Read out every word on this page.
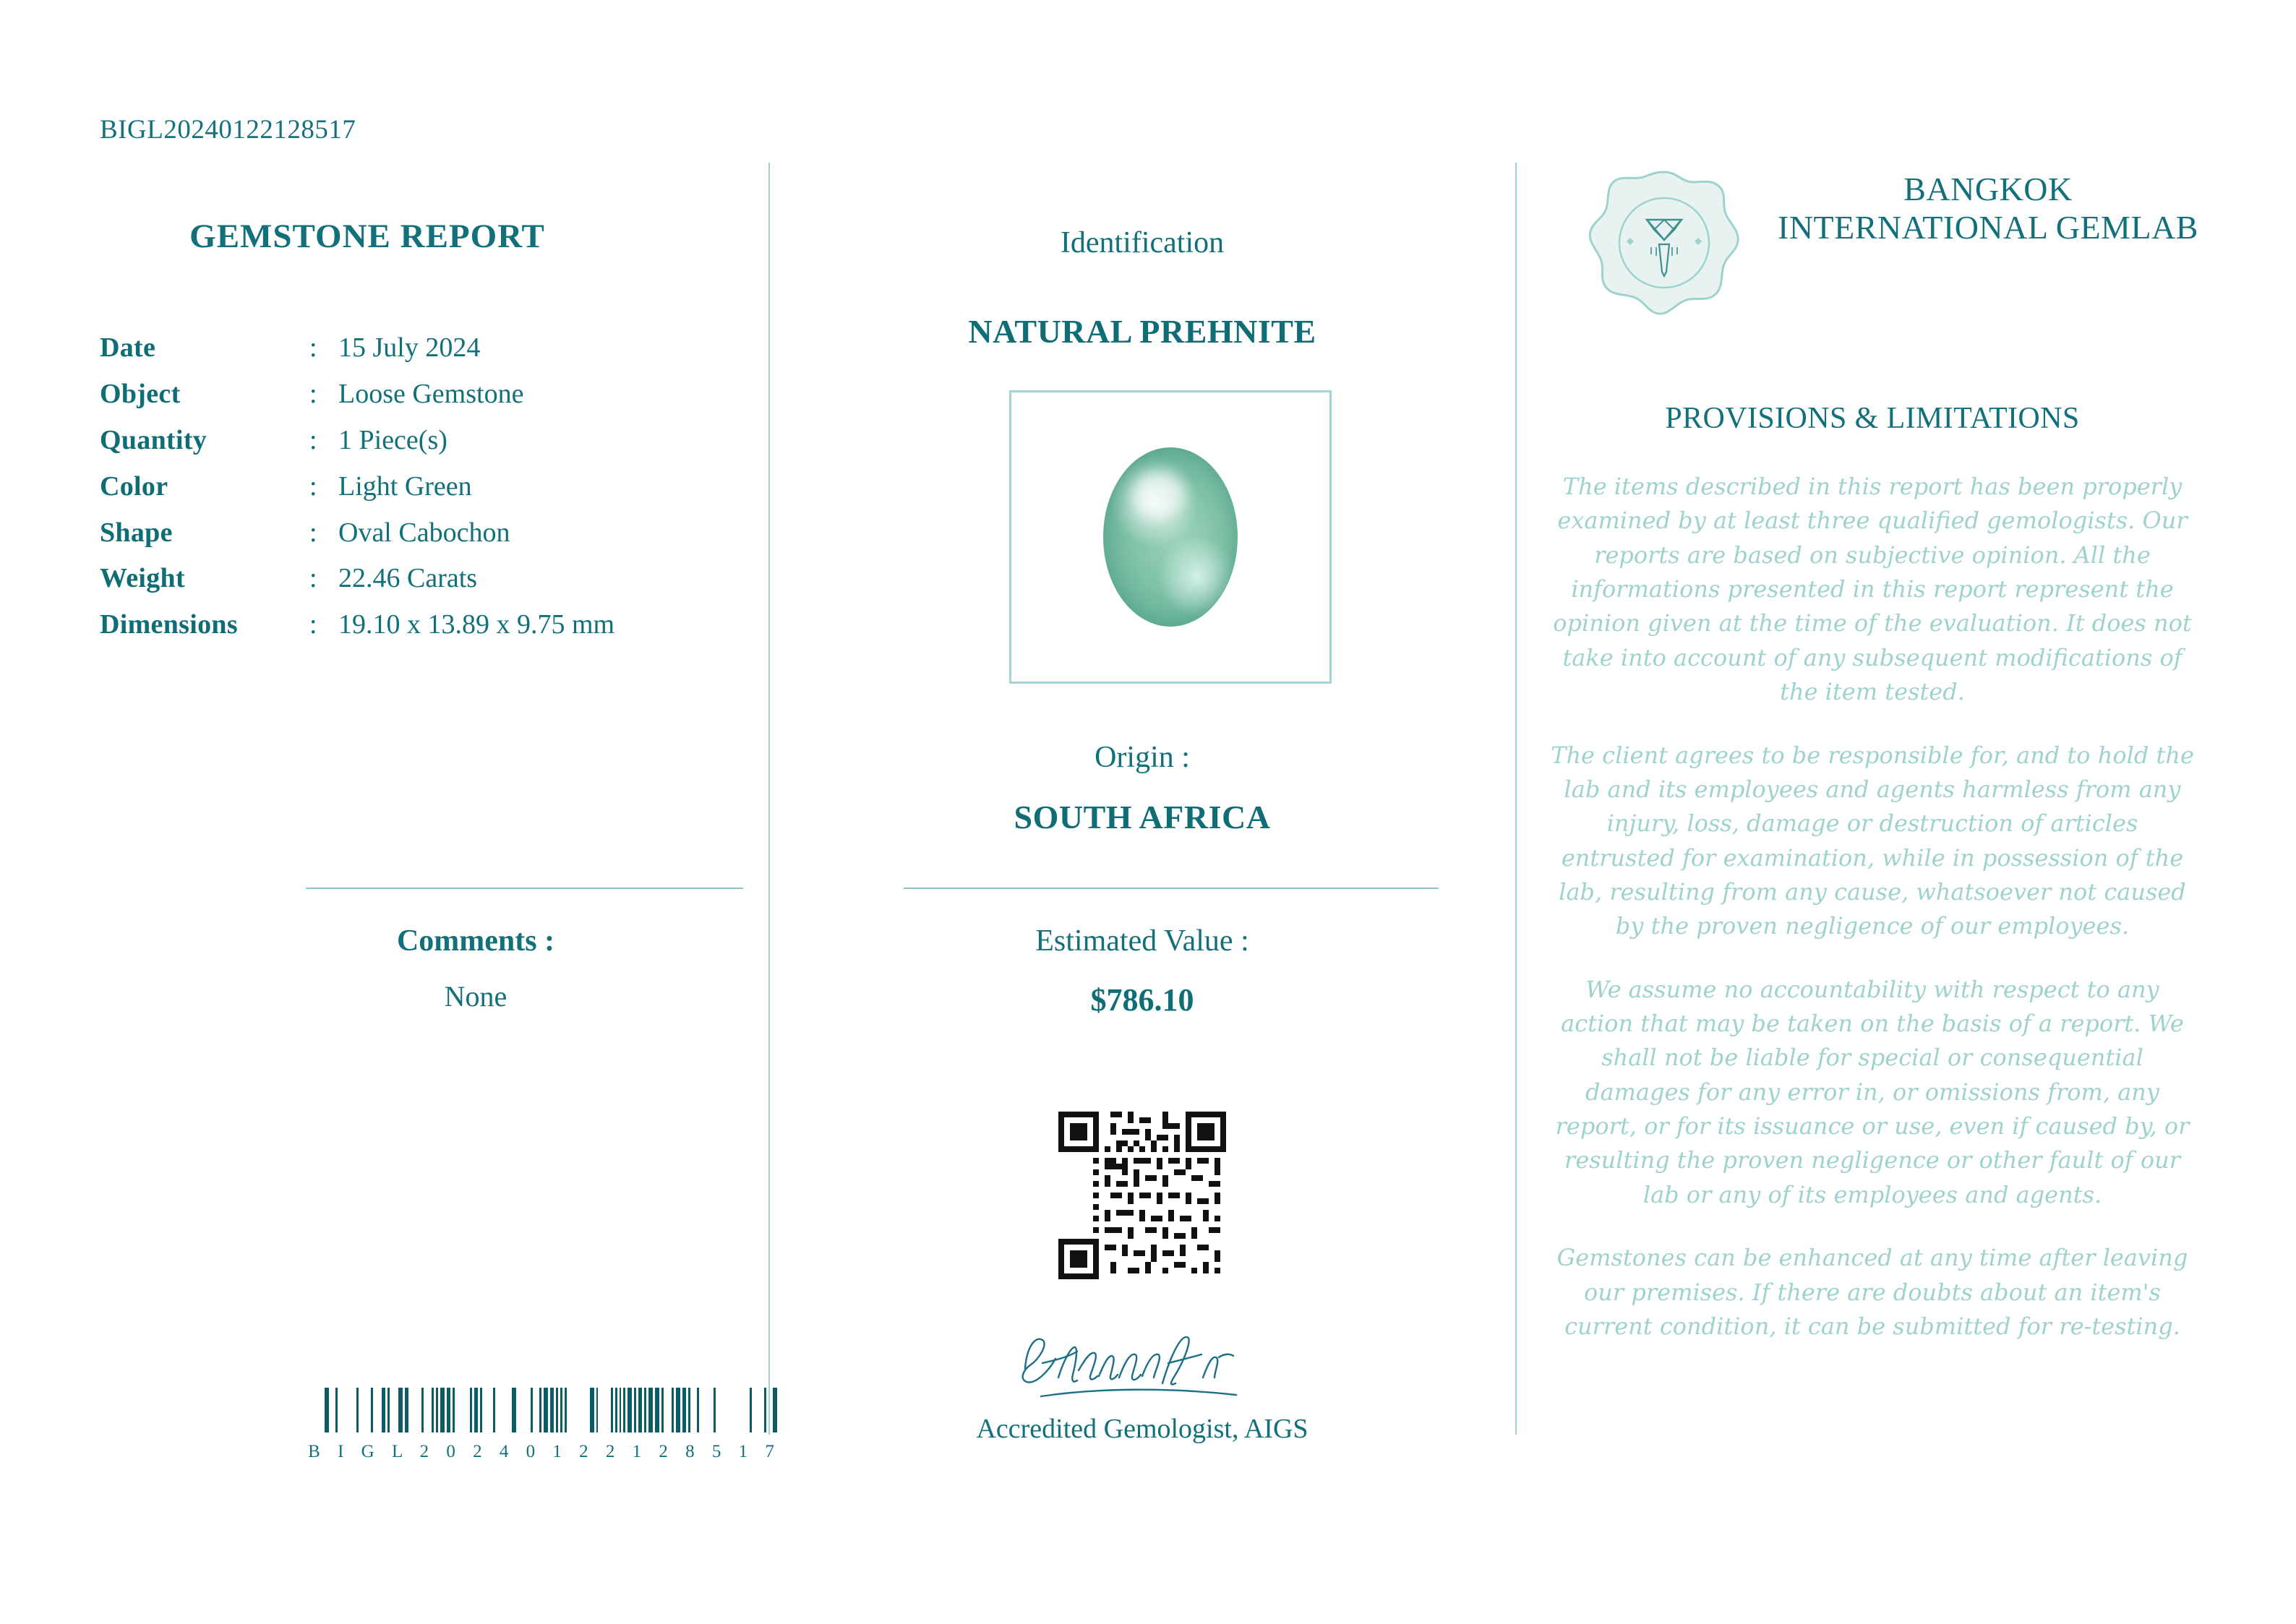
BIGL20240122128517
GEMSTONE REPORT
Date	:	15 July 2024
Object	:	Loose Gemstone
Quantity	:	1 Piece(s)
Color	:	Light Green
Shape	:	Oval Cabochon
Weight	:	22.46 Carats
Dimensions	:	19.10 x 13.89 x 9.75 mm
Comments :
None
B I G L 2 0 2 4 0 1 2 2 1 2 8 5 1 7
Identification
NATURAL PREHNITE
Origin :
SOUTH AFRICA
Estimated Value :
$786.10
Accredited Gemologist, AIGS
BANGKOK INTERNATIONAL GEMLAB
PROVISIONS & LIMITATIONS

The items described in this report has been properly examined by at least three qualified gemologists. Our reports are based on subjective opinion. All the informations presented in this report represent the opinion given at the time of the evaluation. It does not take into account of any subsequent modifications of the item tested.

The client agrees to be responsible for, and to hold the lab and its employees and agents harmless from any injury, loss, damage or destruction of articles entrusted for examination, while in possession of the lab, resulting from any cause, whatsoever not caused by the proven negligence of our employees.

We assume no accountability with respect to any action that may be taken on the basis of a report. We shall not be liable for special or consequential damages for any error in, or omissions from, any report, or for its issuance or use, even if caused by, or resulting the proven negligence or other fault of our lab or any of its employees and agents.

Gemstones can be enhanced at any time after leaving our premises. If there are doubts about an item's current condition, it can be submitted for re-testing.
